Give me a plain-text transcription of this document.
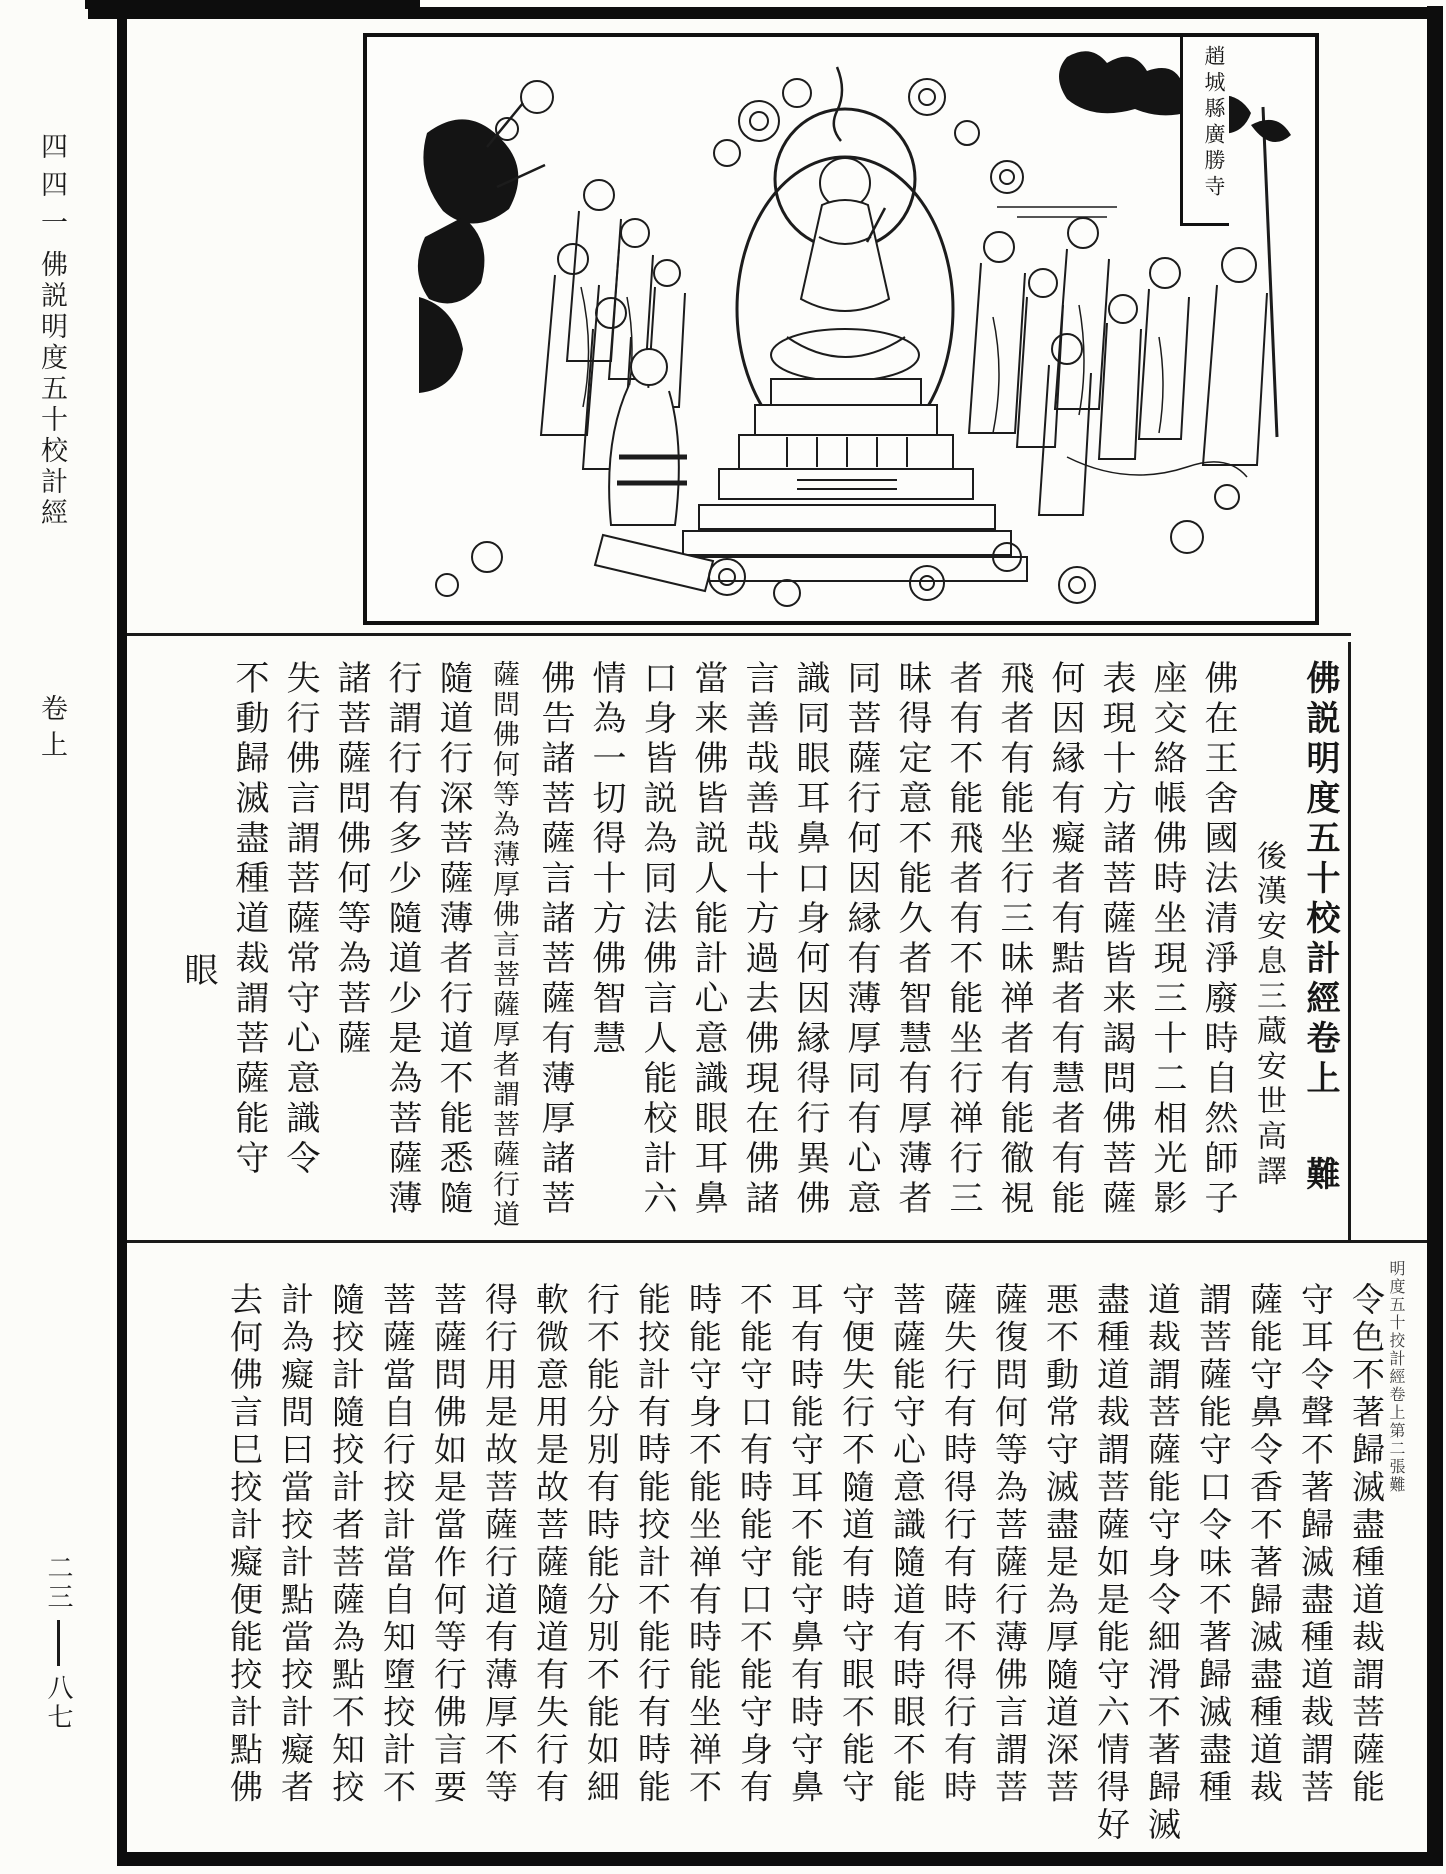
趙城縣廣勝寺
佛説明度五十校計經卷上難
後漢安息三蔵安世高譯
佛在王舍國法清淨廢時自然師子
座交絡帳佛時坐現三十二相光影
表現十方諸菩薩皆来謁問佛菩薩
何因縁有癡者有黠者有慧者有能
飛者有能坐行三昧禅者有能徹視
者有不能飛者有不能坐行禅行三
昧得定意不能久者智慧有厚薄者
同菩薩行何因縁有薄厚同有心意
識同眼耳鼻口身何因縁得行異佛
言善哉善哉十方過去佛現在佛諸
當来佛皆説人能計心意識眼耳鼻
口身皆説為同法佛言人能校計六
情為一切得十方佛智慧
佛告諸菩薩言諸菩薩有薄厚諸菩
薩問佛何等為薄厚佛言菩薩厚者謂菩薩行道
隨道行深菩薩薄者行道不能悉隨
行謂行有多少隨道少是為菩薩薄
諸菩薩問佛何等為菩薩
失行佛言謂菩薩常守心意識令
不動歸滅盡種道裁謂菩薩能守
眼
令色不著歸滅盡種道裁謂菩薩能
守耳令聲不著歸滅盡種道裁謂菩
薩能守鼻令香不著歸滅盡種道裁
謂菩薩能守口令味不著歸滅盡種
道裁謂菩薩能守身令細滑不著歸滅
盡種道裁謂菩薩如是能守六情得好
悪不動常守滅盡是為厚隨道深菩
薩復問何等為菩薩行薄佛言謂菩
薩失行有時得行有時不得行有時
菩薩能守心意識隨道有時眼不能
守便失行不隨道有時守眼不能守
耳有時能守耳不能守鼻有時守鼻
不能守口有時能守口不能守身有
時能守身不能坐禅有時能坐禅不
能挍計有時能挍計不能行有時能
行不能分別有時能分別不能如細
軟微意用是故菩薩隨道有失行有
得行用是故菩薩行道有薄厚不等
菩薩問佛如是當作何等行佛言要
菩薩當自行挍計當自知墮挍計不
隨挍計隨挍計者菩薩為點不知挍
計為癡問曰當挍計點當挍計癡者
去何佛言巳挍計癡便能挍計點佛	明度五十挍計經卷上第二張難
四四一
佛説明度五十校計經
卷上
二三八七
